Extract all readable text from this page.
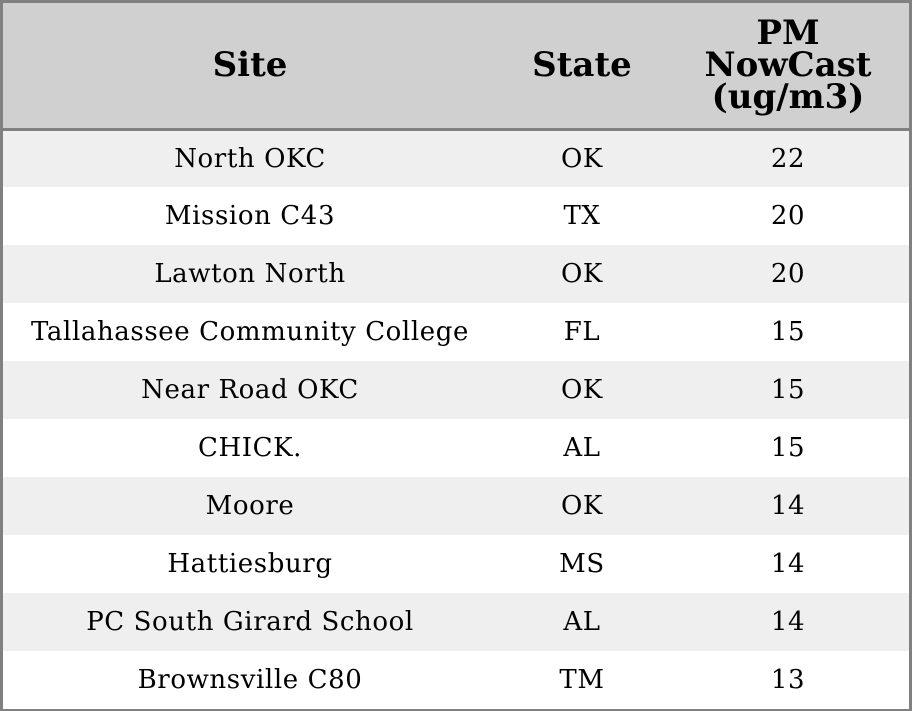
Site	State	PM NowCast (ug/m3)
North OKC	OK	22
Mission C43	TX	20
Lawton North	OK	20
Tallahassee Community College	FL	15
Near Road OKC	OK	15
CHICK.	AL	15
Moore	OK	14
Hattiesburg	MS	14
PC South Girard School	AL	14
Brownsville C80	TM	13
